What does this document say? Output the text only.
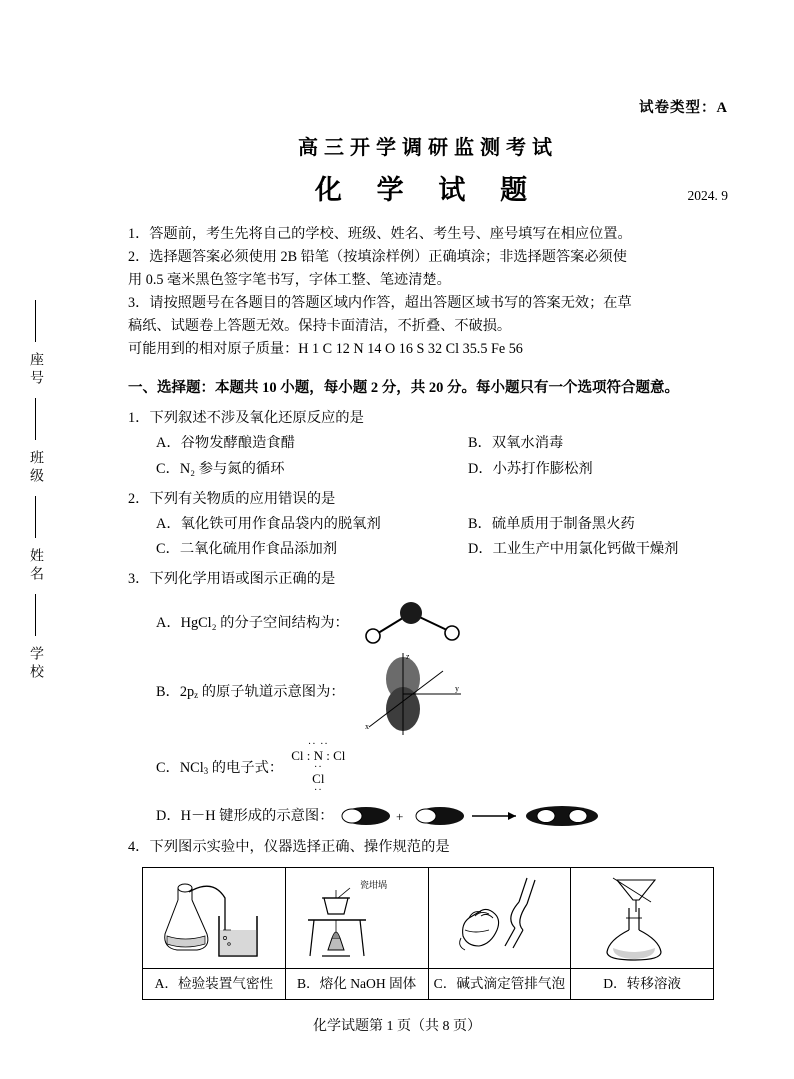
座号
班级
姓名
学校
试卷类型：A
高三开学调研监测考试
化 学 试 题	2024. 9

1．答题前，考生先将自己的学校、班级、姓名、考生号、座号填写在相应位置。

2．选择题答案必须使用 2B 铅笔（按填涂样例）正确填涂；非选择题答案必须使

用 0.5 毫米黑色签字笔书写，字体工整、笔迹清楚。

3．请按照题号在各题目的答题区域内作答，超出答题区域书写的答案无效；在草

稿纸、试题卷上答题无效。保持卡面清洁，不折叠、不破损。

可能用到的相对原子质量：H 1 C 12 N 14 O 16 S 32 Cl 35.5 Fe 56

一、选择题：本题共 10 小题，每小题 2 分，共 20 分。每小题只有一个选项符合题意。
1．下列叙述不涉及氧化还原反应的是
A．谷物发酵酿造食醋	B．双氧水消毒
C．N₂ 参与氮的循环	D．小苏打作膨松剂
2．下列有关物质的应用错误的是
A．氧化铁可用作食品袋内的脱氧剂	B．硫单质用于制备黑火药
C．二氧化硫用作食品添加剂	D．工业生产中用氯化钙做干燥剂
3．下列化学用语或图示正确的是
A．HgCl₂ 的分子空间结构为：
B．$2p_z$ 的原子轨道示意图为：
z
y
x
C．NCl$_3$ 的电子式：
·· ··
Cl : N : Cl
··
Cl
··
D．H－H 键形成的示意图：	+
4．下列图示实验中，仪器选择正确、操作规范的是

瓷坩埚

A．检验装置气密性	B．熔化 NaOH 固体	C．碱式滴定管排气泡	D．转移溶液
化学试题第 1 页（共 8 页）
